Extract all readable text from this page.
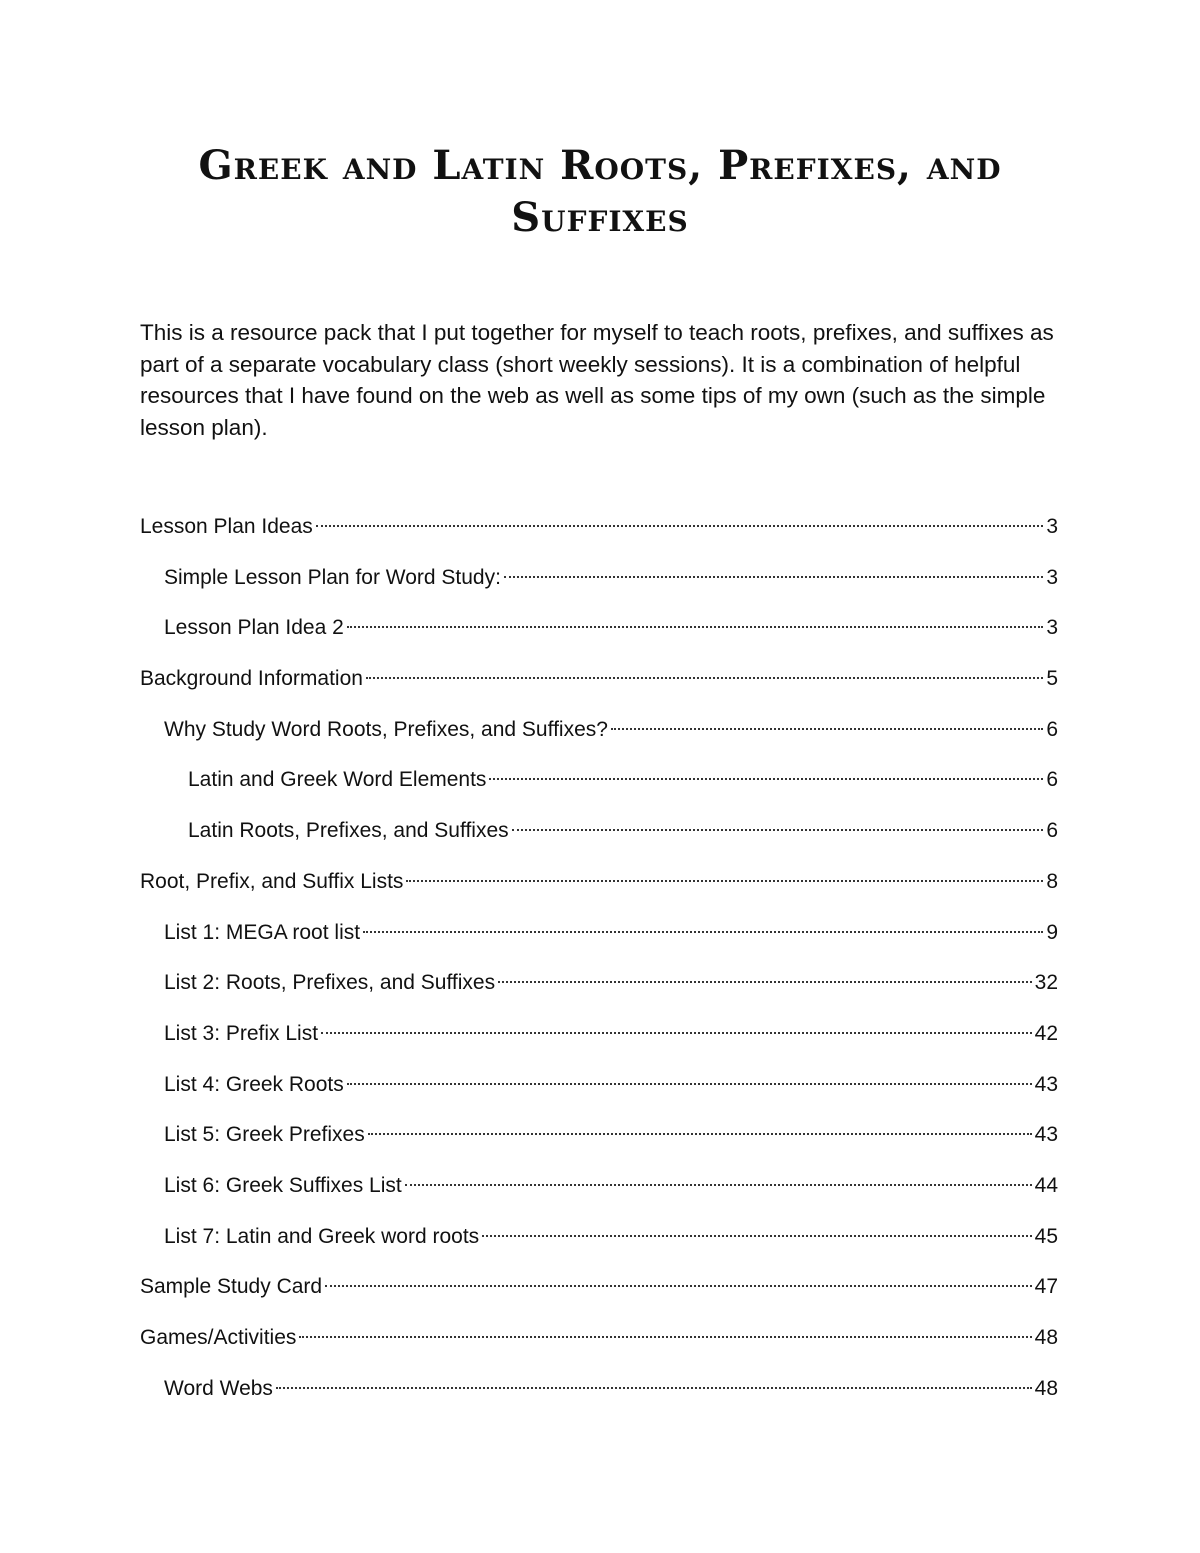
Greek and Latin Roots, Prefixes, and Suffixes
This is a resource pack that I put together for myself to teach roots, prefixes, and suffixes as part of a separate vocabulary class (short weekly sessions). It is a combination of helpful resources that I have found on the web as well as some tips of my own (such as the simple lesson plan).
Lesson Plan Ideas	3
Simple Lesson Plan for Word Study:	3
Lesson Plan Idea 2	3
Background Information	5
Why Study Word Roots, Prefixes, and Suffixes?	6
Latin and Greek Word Elements	6
Latin Roots, Prefixes, and Suffixes	6
Root, Prefix, and Suffix Lists	8
List 1: MEGA root list	9
List 2: Roots, Prefixes, and Suffixes	32
List 3: Prefix List	42
List 4: Greek Roots	43
List 5: Greek Prefixes	43
List 6: Greek Suffixes List	44
List 7: Latin and Greek word roots	45
Sample Study Card	47
Games/Activities	48
Word Webs	48
